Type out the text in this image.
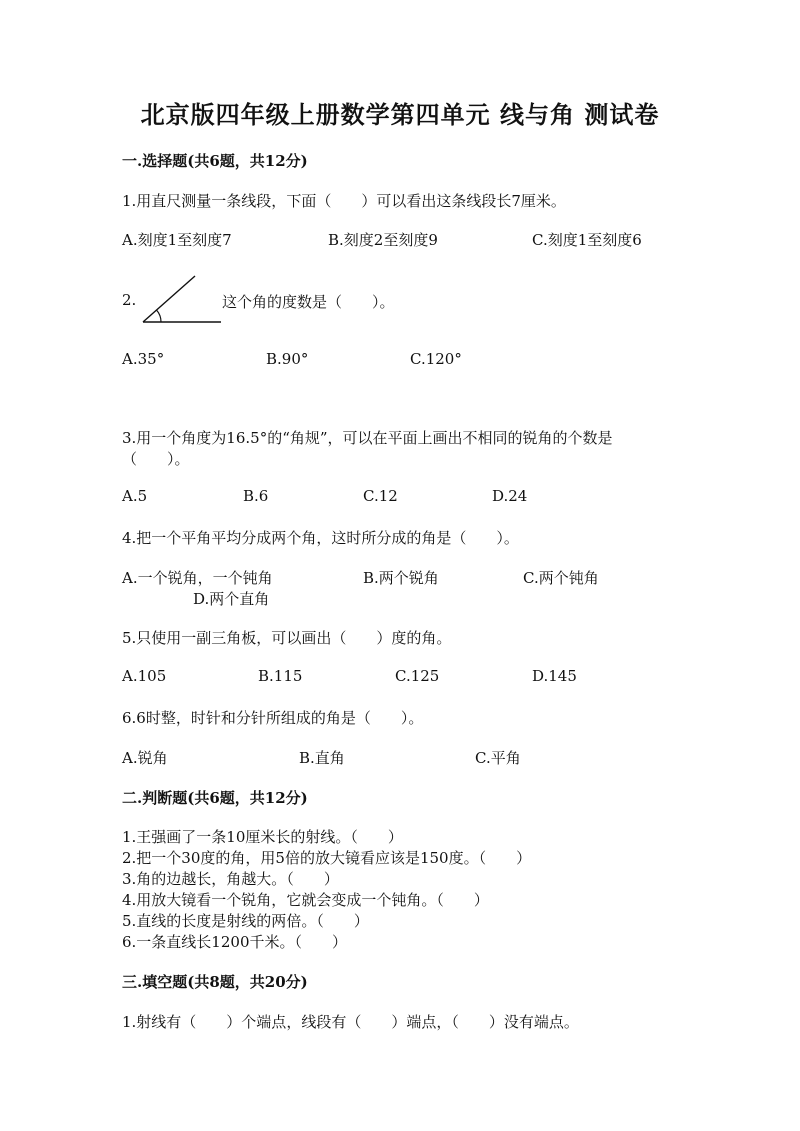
北京版四年级上册数学第四单元 线与角 测试卷
一.选择题(共6题，共12分)
1.用直尺测量一条线段，下面（　　）可以看出这条线段长7厘米。
A.刻度1至刻度7	B.刻度2至刻度9	C.刻度1至刻度6
2.	这个角的度数是（　　）。
A.35°	B.90°	C.120°
3.用一个角度为16.5°的“角规”，可以在平面上画出不相同的锐角的个数是
（　　）。
A.5	B.6	C.12	D.24
4.把一个平角平均分成两个角，这时所分成的角是（　　）。
A.一个锐角，一个钝角	B.两个锐角	C.两个钝角
D.两个直角
5.只使用一副三角板，可以画出（　　）度的角。
A.105	B.115	C.125	D.145
6.6时整，时针和分针所组成的角是（　　）。
A.锐角	B.直角	C.平角
二.判断题(共6题，共12分)
1.王强画了一条10厘米长的射线。（　　）
2.把一个30度的角，用5倍的放大镜看应该是150度。（　　）
3.角的边越长，角越大。（　　）
4.用放大镜看一个锐角，它就会变成一个钝角。（　　）
5.直线的长度是射线的两倍。（　　）
6.一条直线长1200千米。（　　）
三.填空题(共8题，共20分)
1.射线有（　　）个端点，线段有（　　）端点，（　　）没有端点。
